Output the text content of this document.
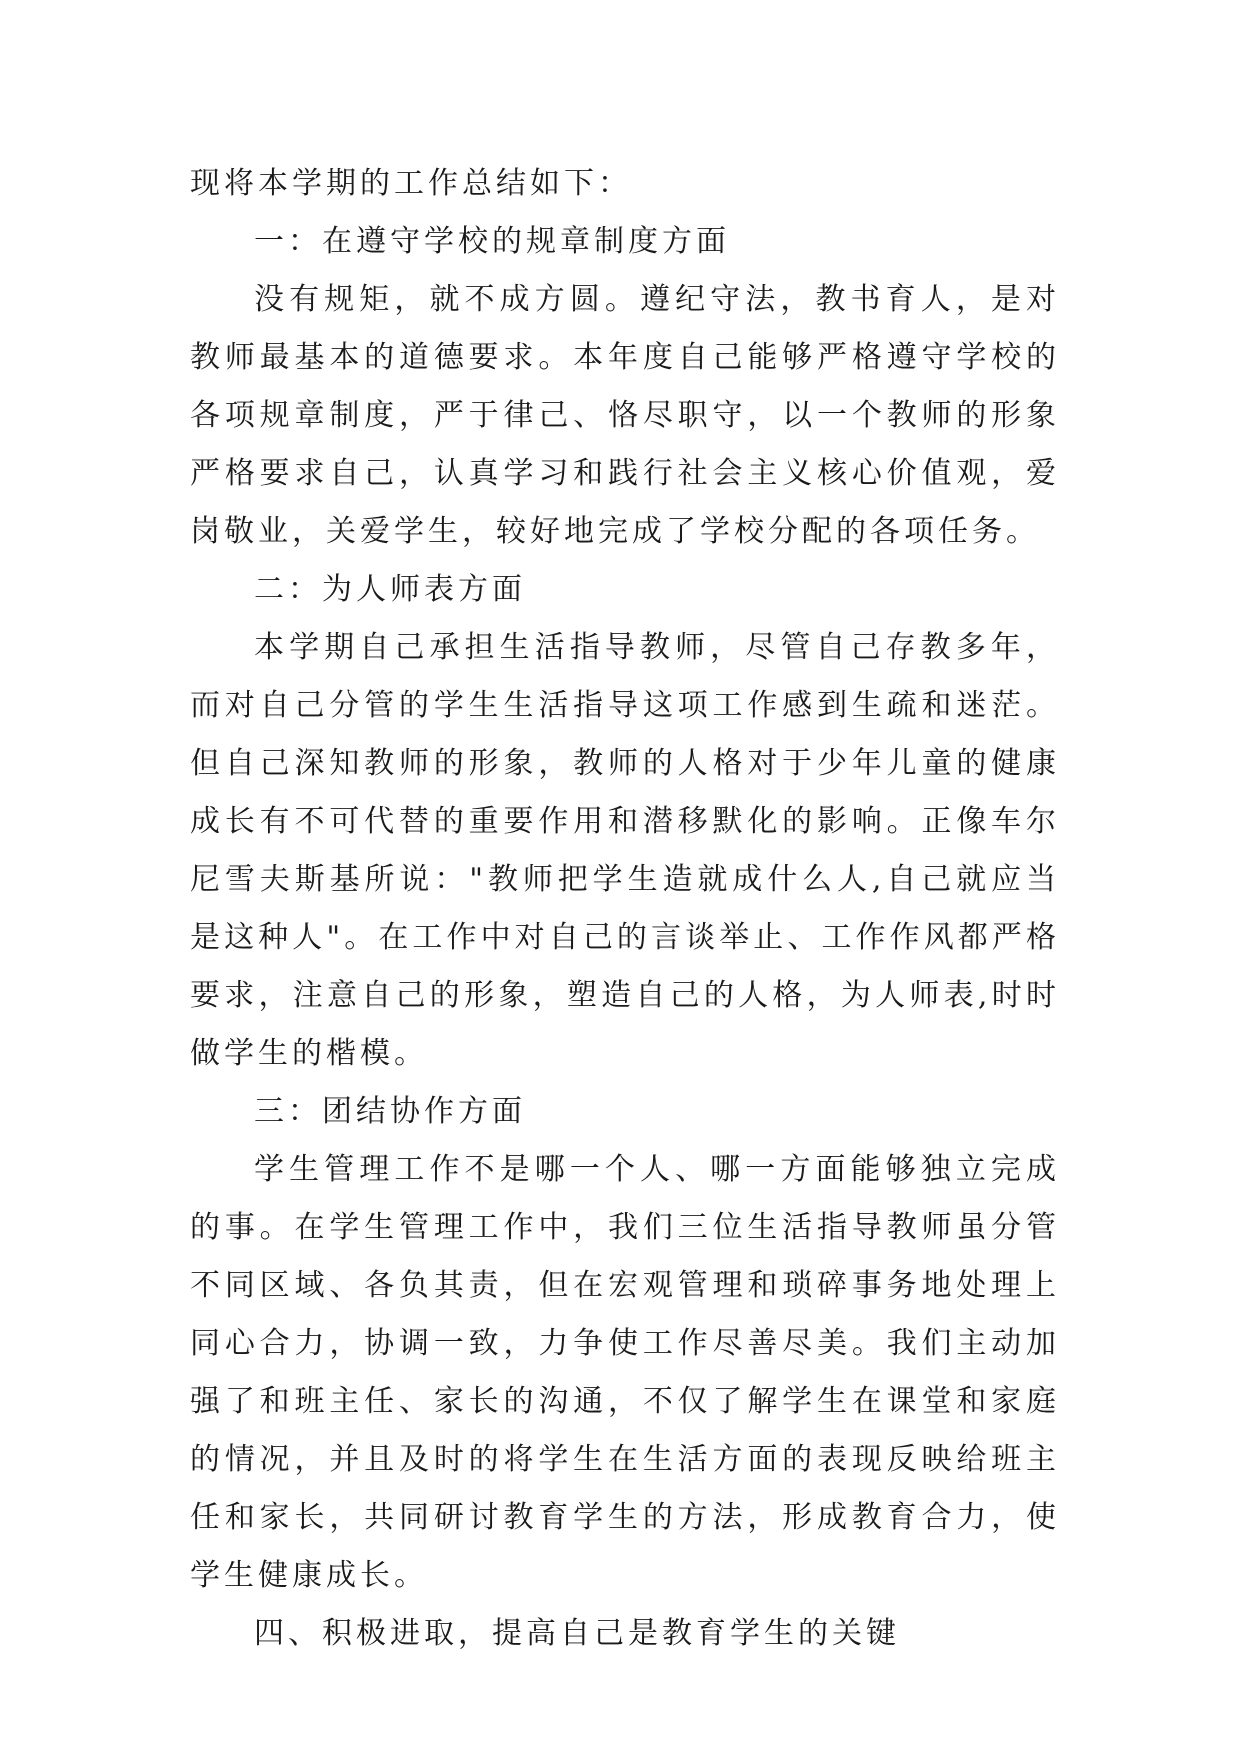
现将本学期的工作总结如下：

一：在遵守学校的规章制度方面

没有规矩，就不成方圆。遵纪守法，教书育人，是对教师最基本的道德要求。本年度自己能够严格遵守学校的各项规章制度，严于律己、恪尽职守，以一个教师的形象严格要求自己，认真学习和践行社会主义核心价值观，爱岗敬业，关爱学生，较好地完成了学校分配的各项任务。

二：为人师表方面

本学期自己承担生活指导教师，尽管自己存教多年，而对自己分管的学生生活指导这项工作感到生疏和迷茫。但自己深知教师的形象，教师的人格对于少年儿童的健康成长有不可代替的重要作用和潜移默化的影响。正像车尔尼雪夫斯基所说："教师把学生造就成什么人,自己就应当是这种人"。在工作中对自己的言谈举止、工作作风都严格要求，注意自己的形象，塑造自己的人格，为人师表,时时做学生的楷模。

三：团结协作方面

学生管理工作不是哪一个人、哪一方面能够独立完成的事。在学生管理工作中，我们三位生活指导教师虽分管不同区域、各负其责，但在宏观管理和琐碎事务地处理上同心合力，协调一致，力争使工作尽善尽美。我们主动加强了和班主任、家长的沟通，不仅了解学生在课堂和家庭的情况，并且及时的将学生在生活方面的表现反映给班主任和家长，共同研讨教育学生的方法，形成教育合力，使学生健康成长。

四、积极进取，提高自己是教育学生的关键
